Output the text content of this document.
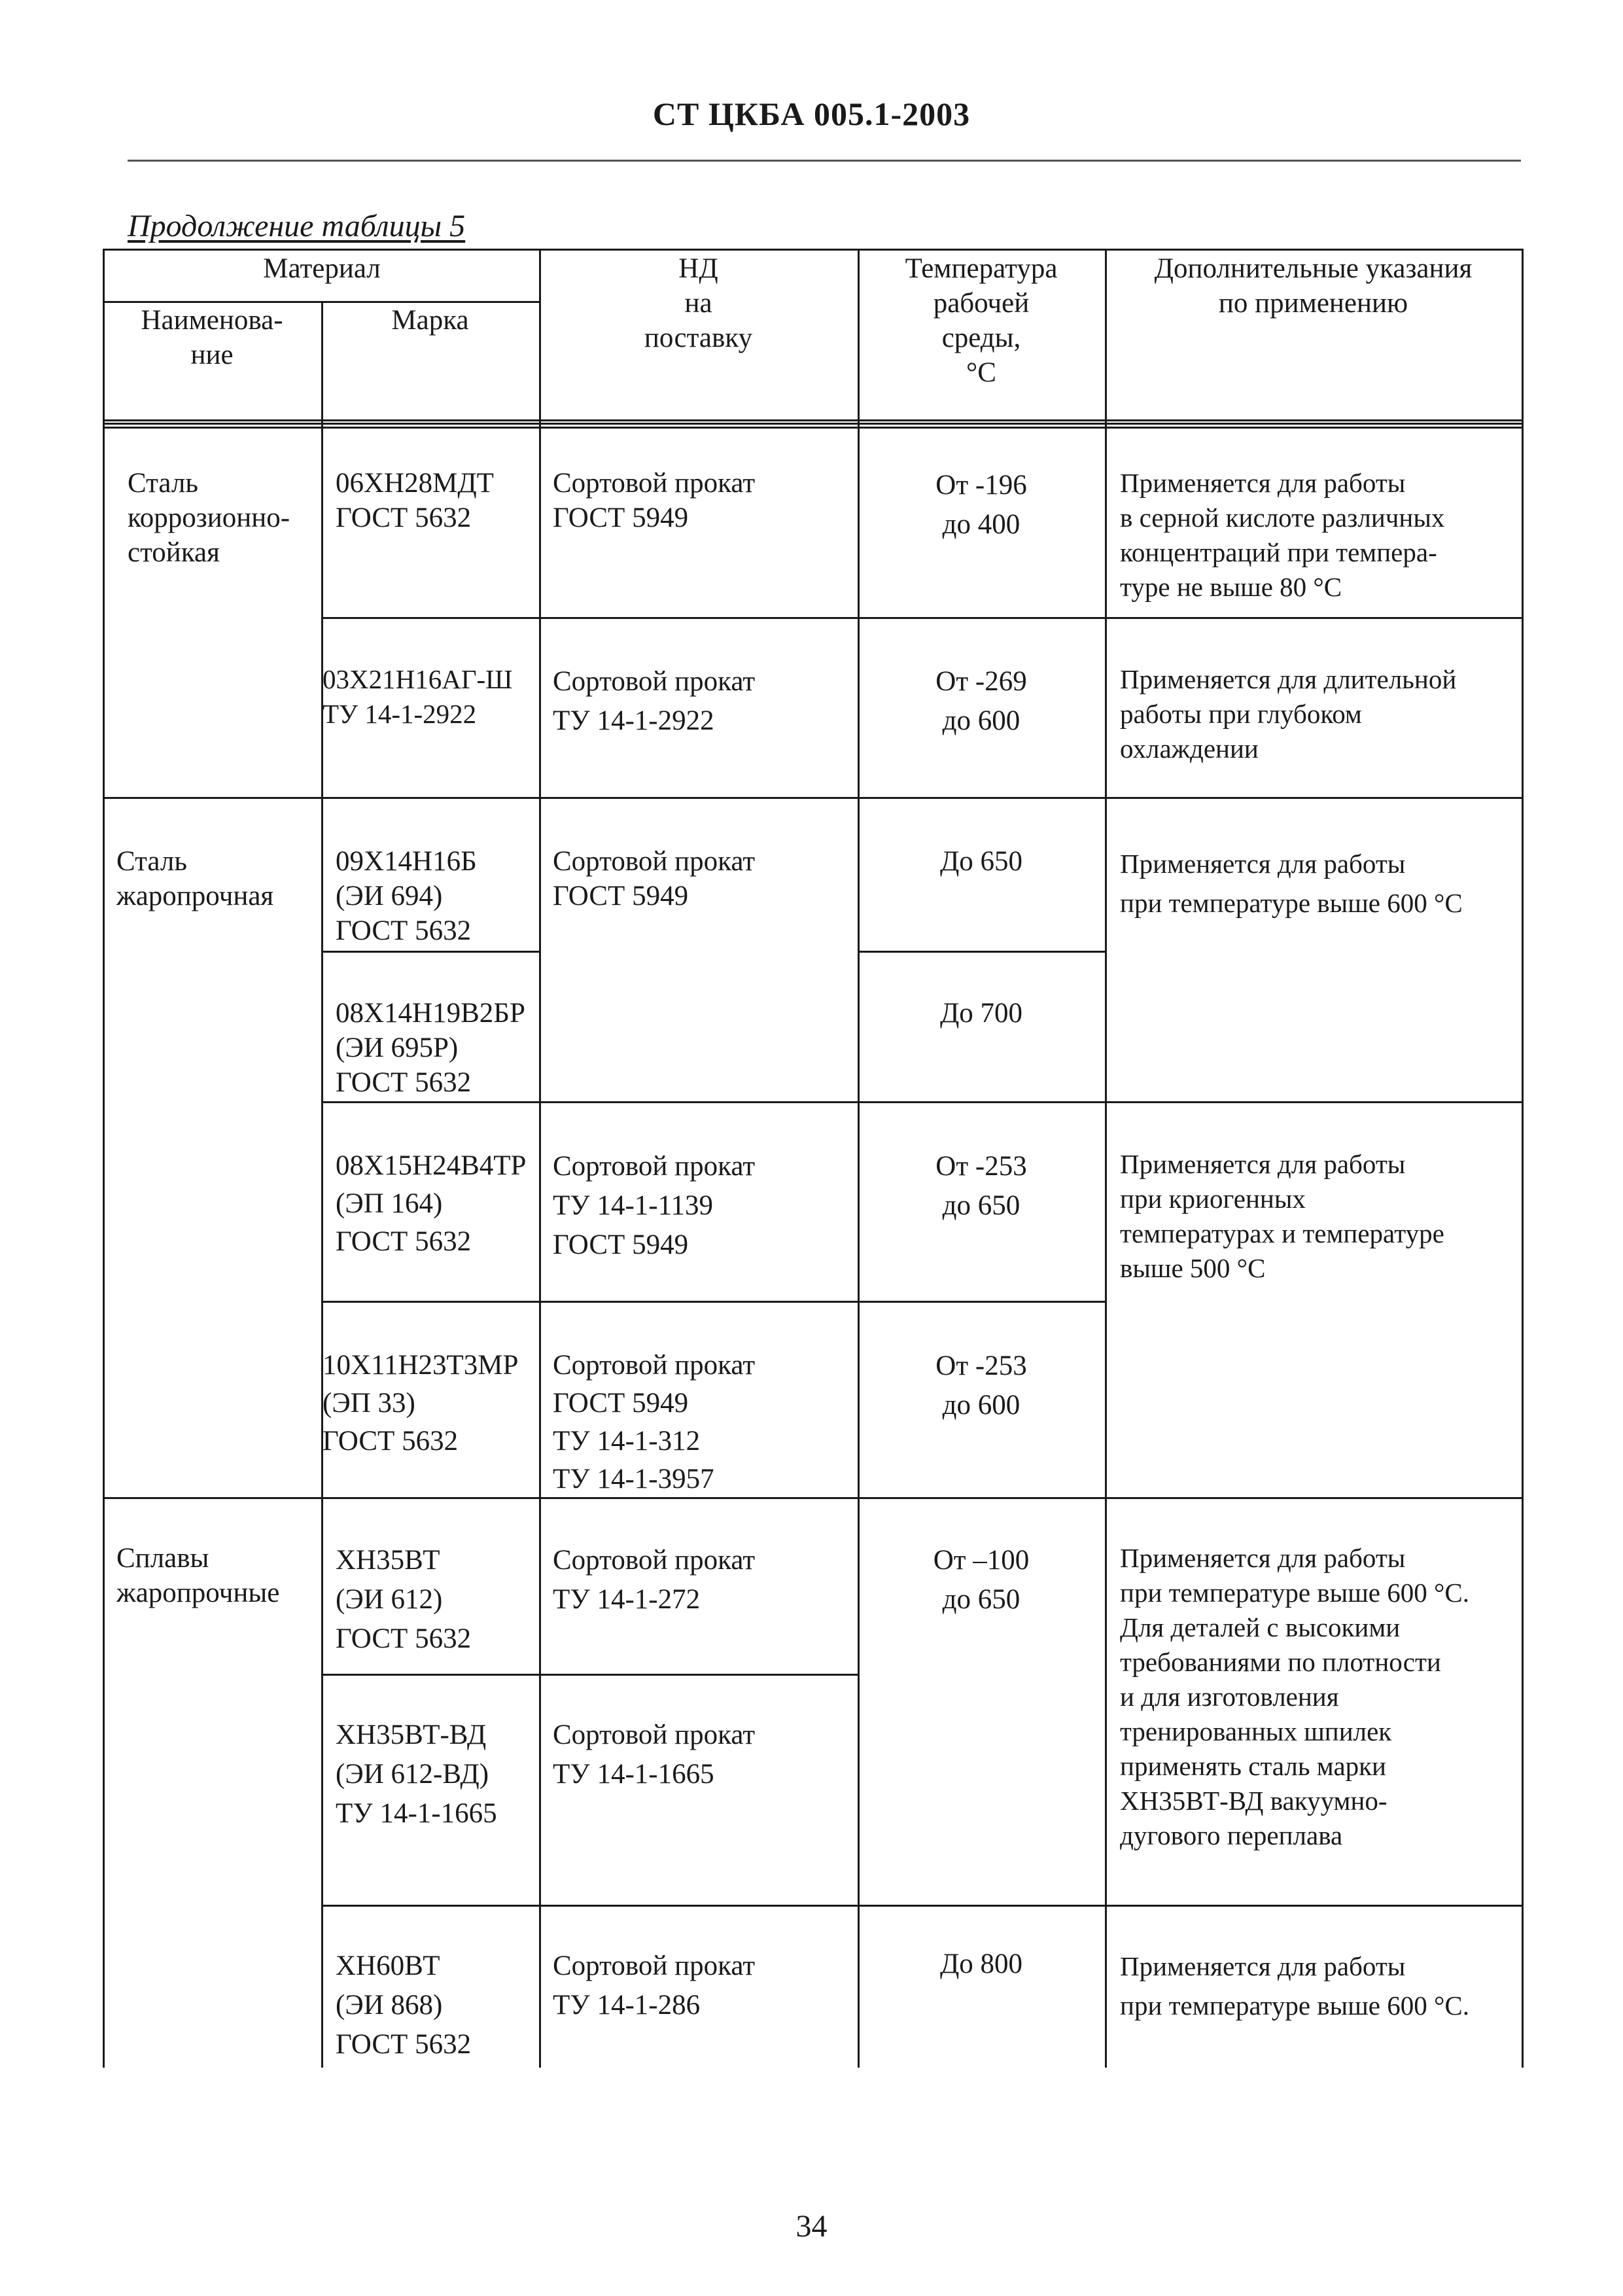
СТ ЦКБА 005.1-2003
Продолжение таблицы 5
Материал
Наименова-
ние
Марка
НД
на
поставку
Температура
рабочей
среды,
°С
Дополнительные указания
по применению
Сталь
коррозионно-
стойкая
Сталь
жаропрочная
Сплавы
жаропрочные
06ХН28МДТ
ГОСТ 5632
03Х21Н16АГ-Ш
ТУ 14-1-2922
09Х14Н16Б
(ЭИ 694)
ГОСТ 5632
08Х14Н19В2БР
(ЭИ 695Р)
ГОСТ 5632
08Х15Н24В4ТР
(ЭП 164)
ГОСТ 5632
10Х11Н23Т3МР
(ЭП 33)
ГОСТ 5632
ХН35ВТ
(ЭИ 612)
ГОСТ 5632
ХН35ВТ-ВД
(ЭИ 612-ВД)
ТУ 14-1-1665
ХН60ВТ
(ЭИ 868)
ГОСТ 5632
Сортовой прокат
ГОСТ 5949
Сортовой прокат
ТУ 14-1-2922
Сортовой прокат
ГОСТ 5949
Сортовой прокат
ТУ 14-1-1139
ГОСТ 5949
Сортовой прокат
ГОСТ 5949
ТУ 14-1-312
ТУ 14-1-3957
Сортовой прокат
ТУ 14-1-272
Сортовой прокат
ТУ 14-1-1665
Сортовой прокат
ТУ 14-1-286
От -196
до 400
От -269
до 600
До 650
До 700
От -253
до 650
От -253
до 600
От –100
до 650
До 800
Применяется для работы
в серной кислоте различных
концентраций при темпера-
туре не выше 80 °С
Применяется для длительной
работы при глубоком
охлаждении
Применяется для работы
при температуре выше 600 °С
Применяется для работы
при криогенных
температурах и температуре
выше 500 °С
Применяется для работы
при температуре выше 600 °С.
Для деталей с высокими
требованиями по плотности
и для изготовления
тренированных шпилек
применять сталь марки
ХН35ВТ-ВД вакуумно-
дугового переплава
Применяется для работы
при температуре выше 600 °С.
34
